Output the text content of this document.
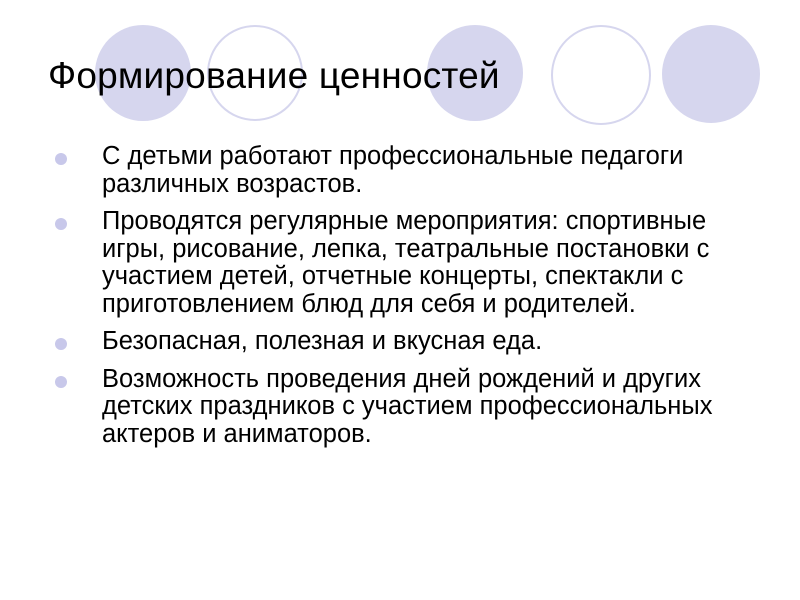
Формирование ценностей
С детьми работают профессиональные педагоги различных возрастов.
Проводятся регулярные мероприятия: спортивные игры, рисование, лепка, театральные постановки с участием детей, отчетные концерты, спектакли с приготовлением блюд для себя и родителей.
Безопасная, полезная и вкусная еда.
Возможность проведения дней рождений и других детских праздников с участием профессиональных актеров и аниматоров.
